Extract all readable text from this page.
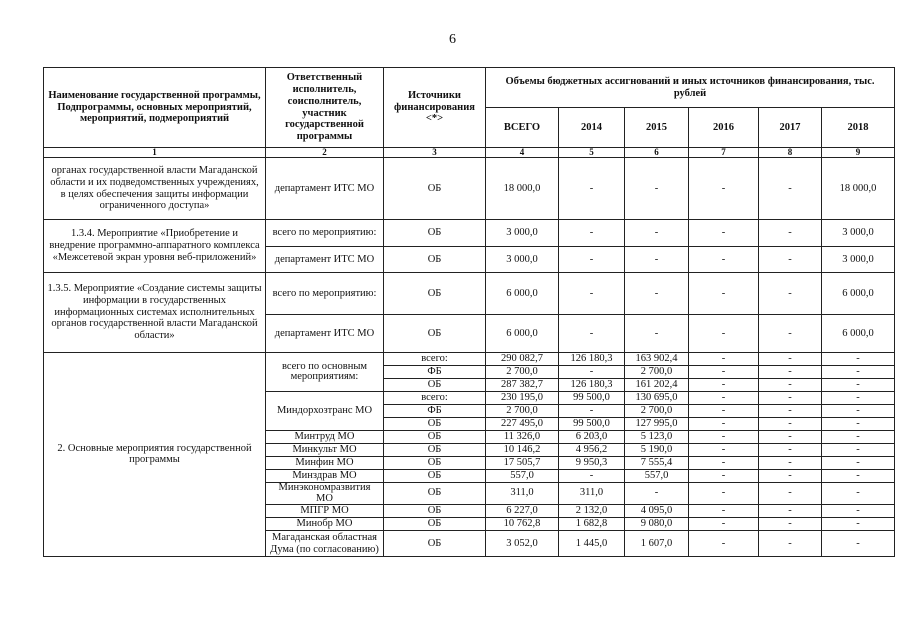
6
Наименование государственной программы, Подпрограммы, основных мероприятий, мероприятий, подмероприятий	Ответственный исполнитель, соисполнитель, участник государственной программы	Источники финансирования <*>	Объемы бюджетных ассигнований и иных источников финансирования, тыс. рублей					
			ВСЕГО	2014	2015	2016	2017	2018
1	2	3	4	5	6	7	8	9
органах государственной власти Магаданской области и их подведомственных учреждениях, в целях обеспечения защиты информации ограниченного доступа»	департамент ИТС МО	ОБ	18 000,0	-	-	-	-	18 000,0
1.3.4. Мероприятие «Приобретение и внедрение программно-аппаратного комплекса «Межсетевой экран уровня веб-приложений»	всего по мероприятию:	ОБ	3 000,0	-	-	-	-	3 000,0
	департамент ИТС МО	ОБ	3 000,0	-	-	-	-	3 000,0
1.3.5. Мероприятие «Создание системы защиты информации в государственных информационных системах исполнительных органов государственной власти Магаданской области»	всего по мероприятию:	ОБ	6 000,0	-	-	-	-	6 000,0
	департамент ИТС МО	ОБ	6 000,0	-	-	-	-	6 000,0
2. Основные мероприятия государственной программы	всего по основным мероприятиям:	всего:	290 082,7	126 180,3	163 902,4	-	-	-
		ФБ	2 700,0	-	2 700,0	-	-	-
		ОБ	287 382,7	126 180,3	161 202,4	-	-	-
	Миндорхозтранс МО	всего:	230 195,0	99 500,0	130 695,0	-	-	-
		ФБ	2 700,0	-	2 700,0	-	-	-
		ОБ	227 495,0	99 500,0	127 995,0	-	-	-
	Минтруд МО	ОБ	11 326,0	6 203,0	5 123,0	-	-	-
	Минкульт МО	ОБ	10 146,2	4 956,2	5 190,0	-	-	-
	Минфин МО	ОБ	17 505,7	9 950,3	7 555,4	-	-	-
	Минздрав МО	ОБ	557,0	-	557,0	-	-	-
	Минэкономразвития МО	ОБ	311,0	311,0	-	-	-	-
	МПГР МО	ОБ	6 227,0	2 132,0	4 095,0	-	-	-
	Минобр МО	ОБ	10 762,8	1 682,8	9 080,0	-	-	-
	Магаданская областная Дума (по согласованию)	ОБ	3 052,0	1 445,0	1 607,0	-	-	-
